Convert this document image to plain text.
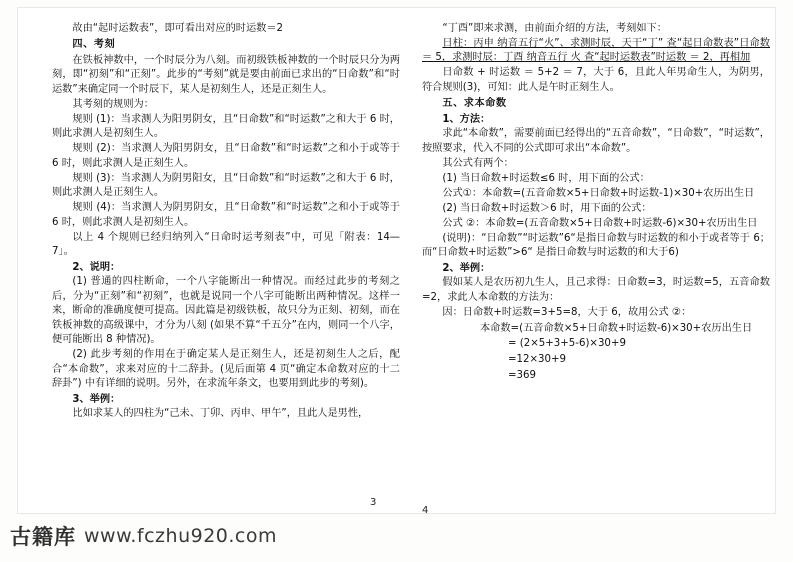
故由“起时运数表”，即可看出对应的时运数＝2

四、考刻

在铁板神数中，一个时辰分为八刻。而初级铁板神数的一个时辰只分为两刻，即“初刻”和“正刻”。此步的“考刻”就是要由前面已求出的“日命数”和“时运数”来确定同一个时辰下，某人是初刻生人，还是正刻生人。

其考刻的规则为：

规则 (1)：当求测人为阳男阴女，且“日命数”和“时运数”之和大于 6 时，则此求测人是初刻生人。

规则 (2)：当求测人为阳男阴女，且“日命数”和“时运数”之和小于或等于 6 时，则此求测人是正刻生人。

规则 (3)：当求测人为阴男阳女，且“日命数”和“时运数”之和大于 6 时，则此求测人是正刻生人。

规则 (4)：当求测人为阴男阴女，且“日命数”和“时运数”之和小于或等于 6 时，则此求测人是初刻生人。

以上 4 个规则已经归纳列入“日命时运考刻表”中，可见「附表：14—7」。

2、说明：

(1) 普通的四柱断命，一个八字能断出一种情况。而经过此步的考刻之后，分为“正刻”和“初刻”，也就是说同一个八字可能断出两种情况。这样一来，断命的准确度便可提高。因此篇是初级铁板，故只分为正刻、初刻，而在铁板神数的高级课中，才分为八刻 (如果不算“千五分”在内，则同一个八字，便可能断出 8 种情况)。

(2) 此步考刻的作用在于确定某人是正刻生人，还是初刻生人之后，配合“本命数”，求来对应的十二辞卦。(见后面第 4 页“确定本命数对应的十二辞卦”) 中有详细的说明。另外，在求流年条文，也要用到此步的考刻)。

3、举例：

比如求某人的四柱为“己未、丁卯、丙申、甲午”，且此人是男性，

“丁酉”即来求测，由前面介绍的方法，考刻如下：

日柱：丙申 纳音五行“火”、求测时辰，天干“丁” 查“起日命数表”日命数 ＝ 5，求测时辰：丁酉 纳音五行 火 查“起时运数表”时运数 ＝ 2，再相加

日命数 + 时运数 ＝ 5+2 ＝ 7，大于 6，且此人年男命生人，为阴男，符合规则(3)，可知：此人是午时正刻生人。

五、求本命数

1、方法：

求此“本命数”，需要前面已经得出的“五音命数”，“日命数”，“时运数”，按照要求，代入不同的公式即可求出“本命数”。

其公式有两个：

(1) 当日命数+时运数≤6 时，用下面的公式：

公式①：本命数=(五音命数×5+日命数+时运数-1)×30+农历出生日

(2) 当日命数+时运数＞6 时，用下面的公式：

公式 ②：本命数=(五音命数×5+日命数+时运数-6)×30+农历出生日

(说明)：“日命数”“时运数”6“是指日命数与时运数的和小于或者等于 6；而“日命数+时运数”>6“ 是指日命数与时运数的和大于6)

2、举例：

假如某人是农历初九生人，且己求得：日命数=3，时运数=5，五音命数=2，求此人本命数的方法为：

因：日命数+时运数=3+5=8，大于 6，故用公式 ②：

本命数=(五音命数×5+日命数+时运数-6)×30+农历出生日

= (2×5+3+5-6)×30+9

=12×30+9

=369

3
4
古籍库 www.fczhu920.com
